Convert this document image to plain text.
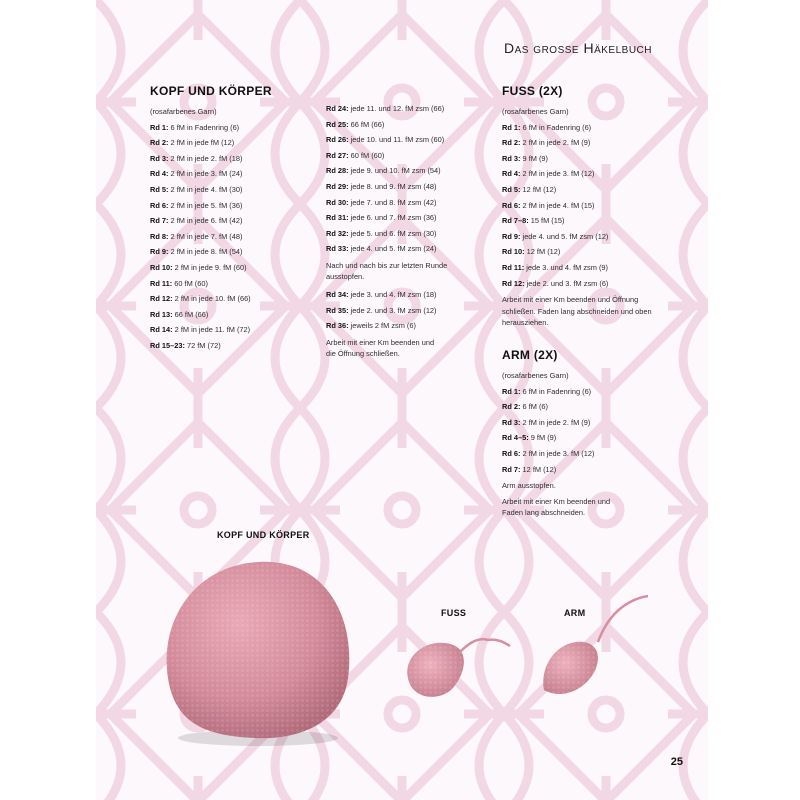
Das grosse Häkelbuch
KOPF UND KÖRPER
(rosafarbenes Garn)
Rd 1: 6 fM in Fadenring (6)
Rd 2: 2 fM in jede fM (12)
Rd 3: 2 fM in jede 2. fM (18)
Rd 4: 2 fM in jede 3. fM (24)
Rd 5: 2 fM in jede 4. fM (30)
Rd 6: 2 fM in jede 5. fM (36)
Rd 7: 2 fM in jede 6. fM (42)
Rd 8: 2 fM in jede 7. fM (48)
Rd 9: 2 fM in jede 8. fM (54)
Rd 10: 2 fM in jede 9. fM (60)
Rd 11: 60 fM (60)
Rd 12: 2 fM in jede 10. fM (66)
Rd 13: 66 fM (66)
Rd 14: 2 fM in jede 11. fM (72)
Rd 15–23: 72 fM (72)
Rd 24: jede 11. und 12. fM zsm (66)
Rd 25: 66 fM (66)
Rd 26: jede 10. und 11. fM zsm (60)
Rd 27: 60 fM (60)
Rd 28: jede 9. und 10. fM zsm (54)
Rd 29: jede 8. und 9. fM zsm (48)
Rd 30: jede 7. und 8. fM zsm (42)
Rd 31: jede 6. und 7. fM zsm (36)
Rd 32: jede 5. und 6. fM zsm (30)
Rd 33: jede 4. und 5. fM zsm (24)
Nach und nach bis zur letzten Runde ausstopfen.
Rd 34: jede 3. und 4. fM zsm (18)
Rd 35: jede 2. und 3. fM zsm (12)
Rd 36: jeweils 2 fM zsm (6)
Arbeit mit einer Km beenden und die Öffnung schließen.
FUSS (2X)
(rosafarbenes Garn)
Rd 1: 6 fM in Fadenring (6)
Rd 2: 2 fM in jede 2. fM (9)
Rd 3: 9 fM (9)
Rd 4: 2 fM in jede 3. fM (12)
Rd 5: 12 fM (12)
Rd 6: 2 fM in jede 4. fM (15)
Rd 7–8: 15 fM (15)
Rd 9: jede 4. und 5. fM zsm (12)
Rd 10: 12 fM (12)
Rd 11: jede 3. und 4. fM zsm (9)
Rd 12: jede 2. und 3. fM zsm (6)
Arbeit mit einer Km beenden und Öffnung schließen. Faden lang abschneiden und oben herausziehen.
ARM (2X)
(rosafarbenes Garn)
Rd 1: 6 fM in Fadenring (6)
Rd 2: 6 fM (6)
Rd 3: 2 fM in jede 2. fM (9)
Rd 4–5: 9 fM (9)
Rd 6: 2 fM in jede 3. fM (12)
Rd 7: 12 fM (12)
Arm ausstopfen.
Arbeit mit einer Km beenden und Faden lang abschneiden.
KOPF UND KÖRPER
FUSS	ARM
25
